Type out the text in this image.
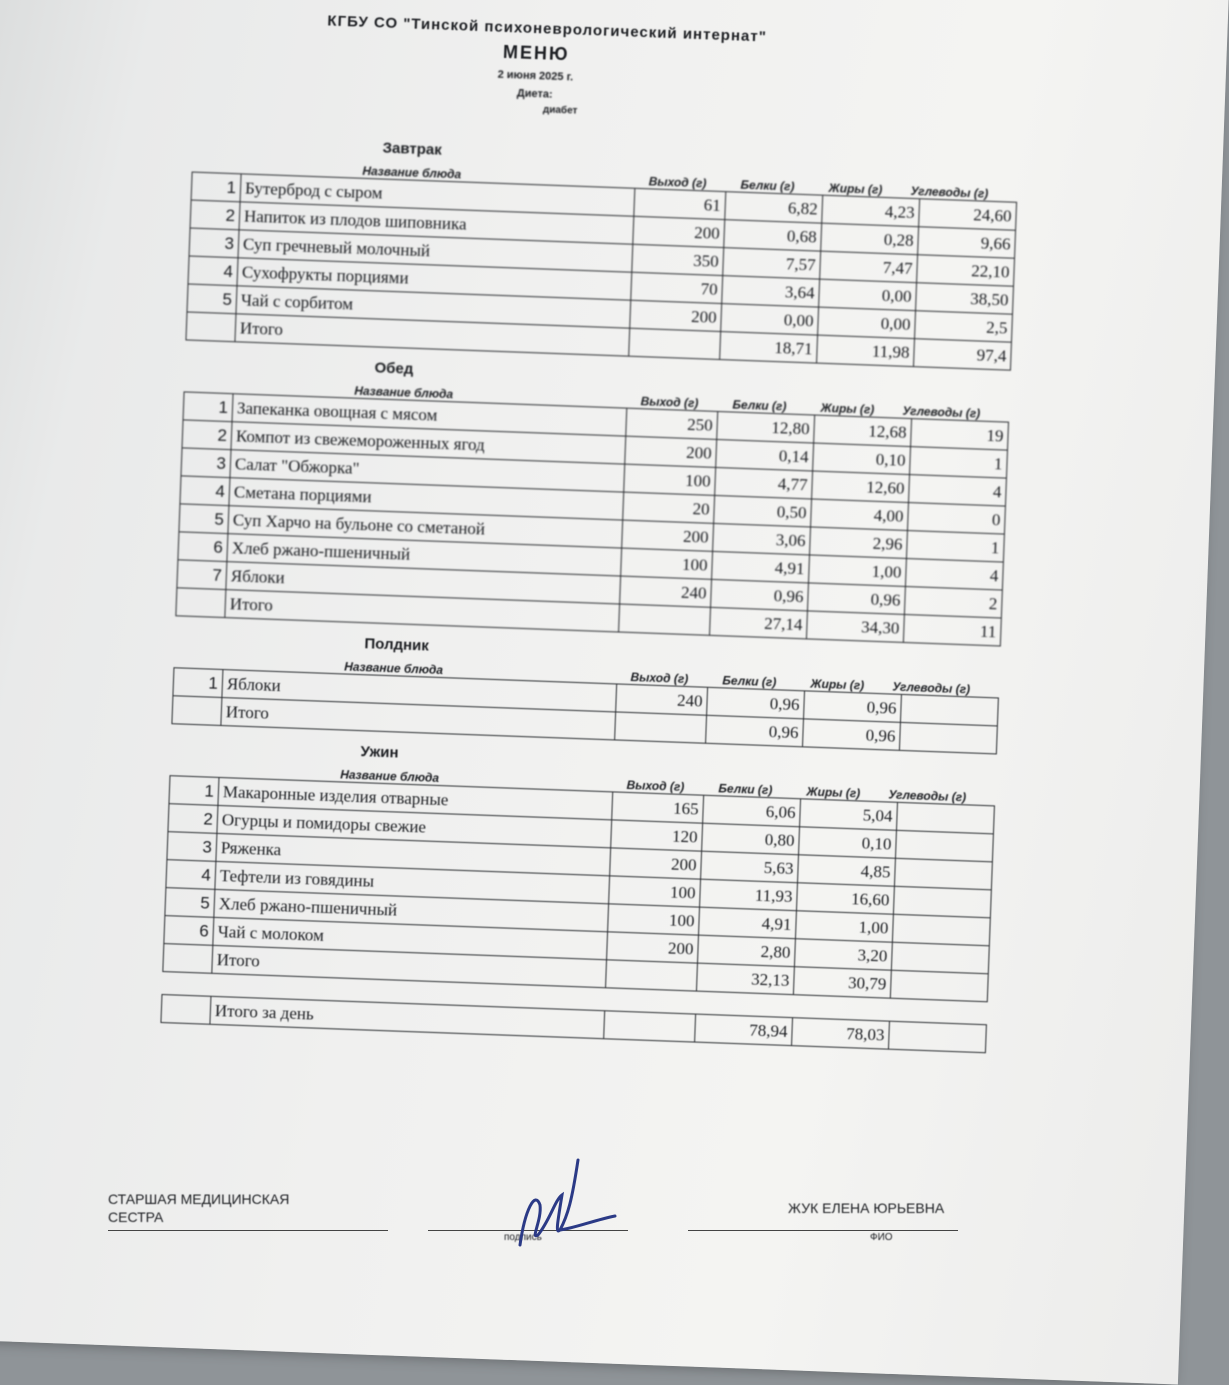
КГБУ СО "Тинской психоневрологический интернат"
МЕНЮ
2 июня 2025 г.
Диета:
диабет
Завтрак
Название блюда
Выход (г)	Белки (г)	Жиры (г)	Углеводы (г)
1	Бутерброд с сыром	61	6,82	4,23	24,60
2	Напиток из плодов шиповника	200	0,68	0,28	9,66
3	Суп гречневый молочный	350	7,57	7,47	22,10
4	Сухофрукты порциями	70	3,64	0,00	38,50
5	Чай с сорбитом	200	0,00	0,00	2,5
	Итого		18,71	11,98	97,4
Обед
Название блюда
Выход (г)	Белки (г)	Жиры (г)	Углеводы (г)
1	Запеканка овощная с мясом	250	12,80	12,68	19
2	Компот из свежемороженных ягод	200	0,14	0,10	1
3	Салат "Обжорка"	100	4,77	12,60	4
4	Сметана порциями	20	0,50	4,00	0
5	Суп Харчо на бульоне со сметаной	200	3,06	2,96	1
6	Хлеб ржано-пшеничный	100	4,91	1,00	4
7	Яблоки	240	0,96	0,96	2
	Итого		27,14	34,30	11
Полдник
Название блюда
Выход (г)	Белки (г)	Жиры (г)	Углеводы (г)
1	Яблоки	240	0,96	0,96	
	Итого		0,96	0,96	
Ужин
Название блюда
Выход (г)	Белки (г)	Жиры (г)	Углеводы (г)
1	Макаронные изделия отварные	165	6,06	5,04	
2	Огурцы и помидоры свежие	120	0,80	0,10	
3	Ряженка	200	5,63	4,85	
4	Тефтели из говядины	100	11,93	16,60	
5	Хлеб ржано-пшеничный	100	4,91	1,00	
6	Чай с молоком	200	2,80	3,20	
	Итого		32,13	30,79	
	Итого за день		78,94	78,03	
СТАРШАЯ МЕДИЦИНСКАЯ СЕСТРА
подпись
ЖУК ЕЛЕНА ЮРЬЕВНА
ФИО
